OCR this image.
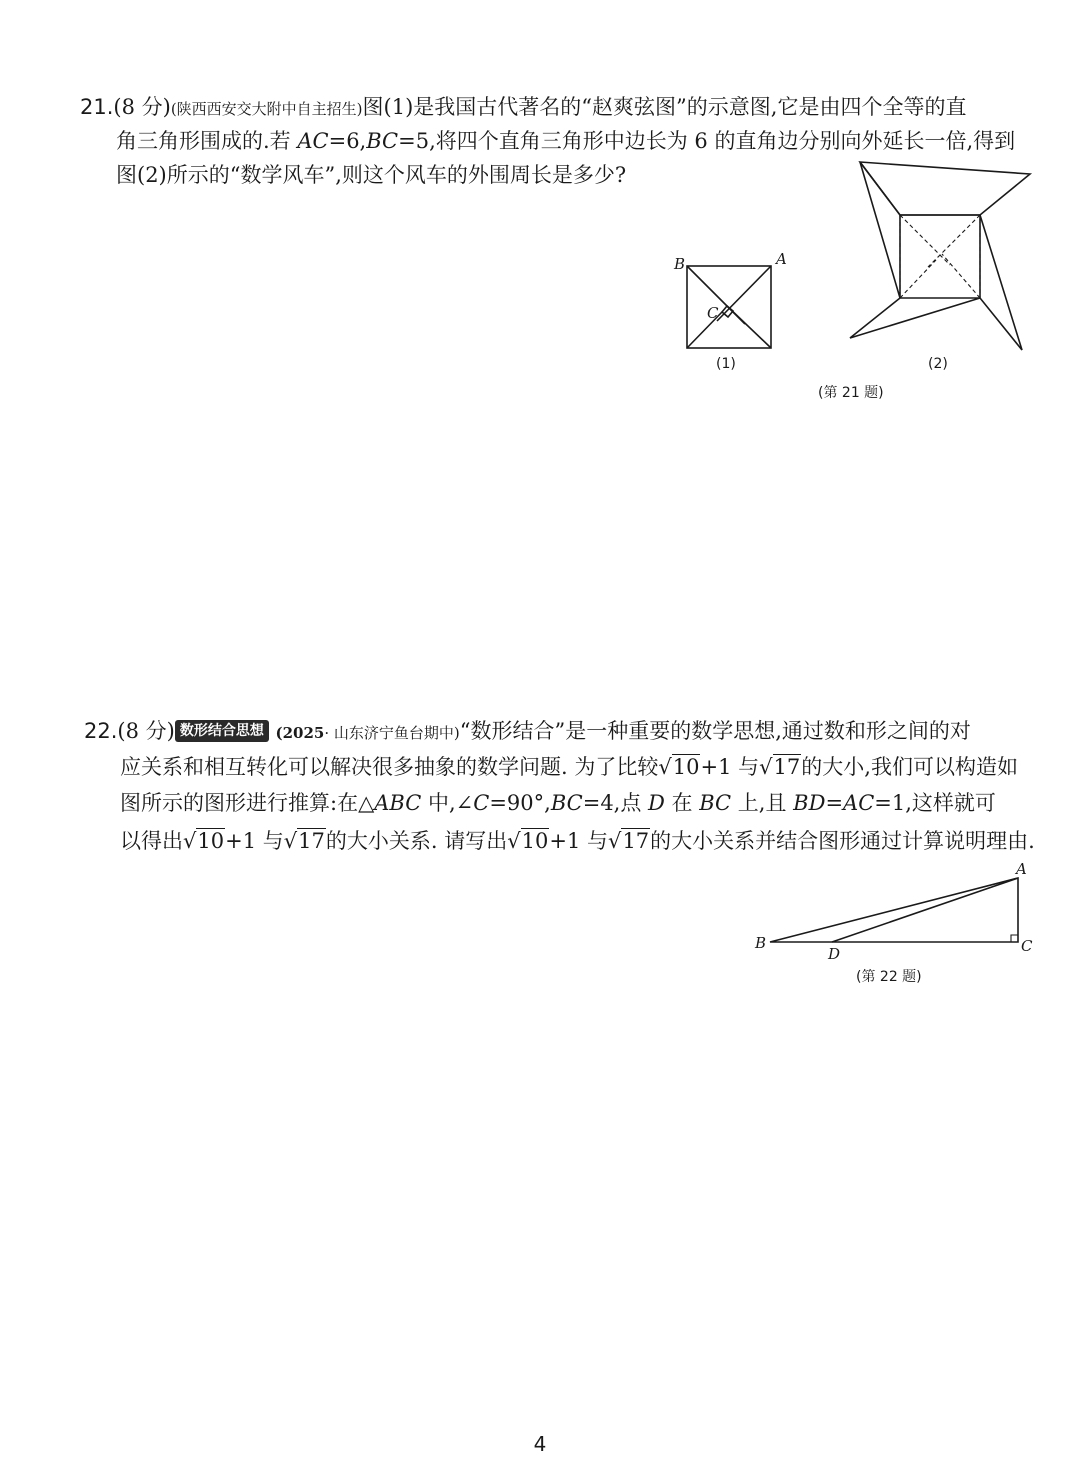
21.(8 分)(陕西西安交大附中自主招生)图(1)是我国古代著名的“赵爽弦图”的示意图,它是由四个全等的直
角三角形围成的.若 AC=6,BC=5,将四个直角三角形中边长为 6 的直角边分别向外延长一倍,得到
图(2)所示的“数学风车”,则这个风车的外围周长是多少?
B	A
C
(1)	(2)
(第 21 题)
22.(8 分) 数形结合思想 (2025· 山东济宁鱼台期中)“数形结合”是一种重要的数学思想,通过数和形之间的对
应关系和相互转化可以解决很多抽象的数学问题. 为了比较√10+1 与√17的大小,我们可以构造如
图所示的图形进行推算:在△ABC 中,∠C=90°,BC=4,点 D 在 BC 上,且 BD=AC=1,这样就可
以得出√10+1 与√17的大小关系. 请写出√10+1 与√17的大小关系并结合图形通过计算说明理由.
A
B	C
D
(第 22 题)
4
